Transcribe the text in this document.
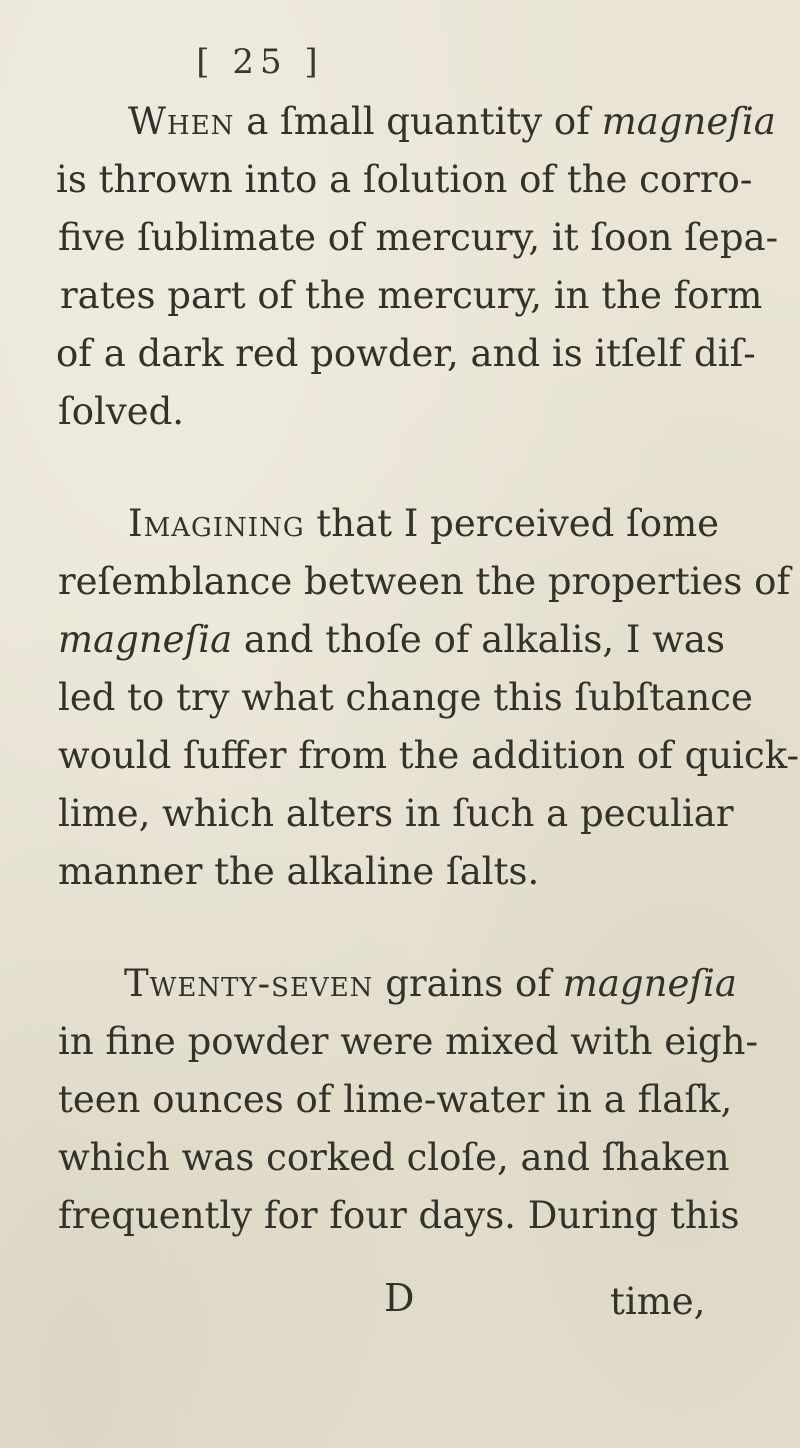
[ 25 ]
When a ſmall quantity of magneſia
is thrown into a ſolution of the corro-
five ſublimate of mercury, it ſoon ſepa-
rates part of the mercury, in the form
of a dark red powder, and is itſelf diſ-
ſolved.
Imagining that I perceived ſome
reſemblance between the properties of
magneſia and thoſe of alkalis, I was
led to try what change this ſubſtance
would ſuffer from the addition of quick-
lime, which alters in ſuch a peculiar
manner the alkaline ſalts.
Twenty-seven grains of magneſia
in fine powder were mixed with eigh-
teen ounces of lime-water in a flaſk,
which was corked cloſe, and ſhaken
frequently for four days. During this
D	time,
